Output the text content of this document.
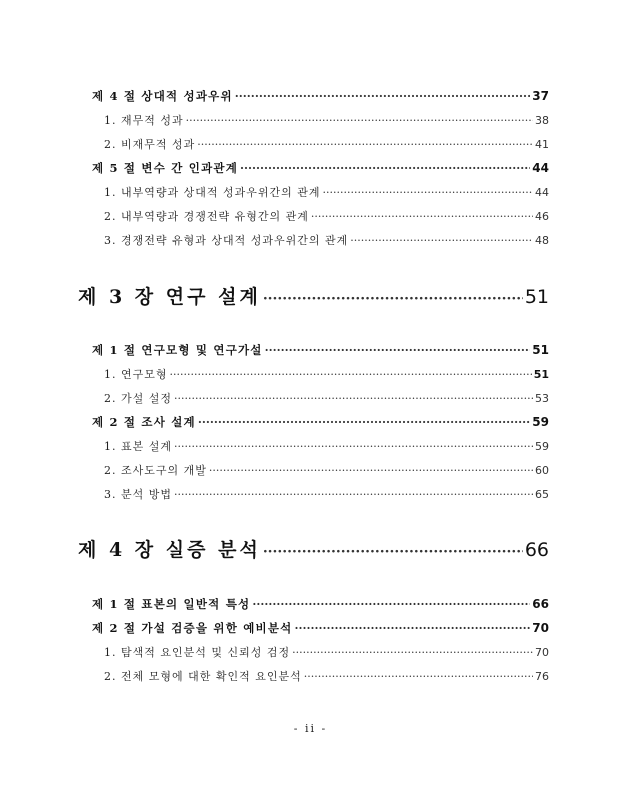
제 4 절 상대적 성과우위 ·····	37
1. 재무적 성과 ·····	38
2. 비재무적 성과 ·····	41
제 5 절 변수 간 인과관계 ·····	44
1. 내부역량과 상대적 성과우위간의 관계 ·····	44
2. 내부역량과 경쟁전략 유형간의 관계 ·····	46
3. 경쟁전략 유형과 상대적 성과우위간의 관계 ·····	48
제 3 장 연구 설계 ·····	51
제 1 절 연구모형 및 연구가설 ·····	51
1. 연구모형 ·····	51
2. 가설 설정 ·····	53
제 2 절 조사 설계 ·····	59
1. 표본 설계 ·····	59
2. 조사도구의 개발 ·····	60
3. 분석 방법 ·····	65
제 4 장 실증 분석 ·····	66
제 1 절 표본의 일반적 특성 ·····	66
제 2 절 가설 검증을 위한 예비분석 ·····	70
1. 탐색적 요인분석 및 신뢰성 검정 ·····	70
2. 전체 모형에 대한 확인적 요인분석 ·····	76
- ii -
